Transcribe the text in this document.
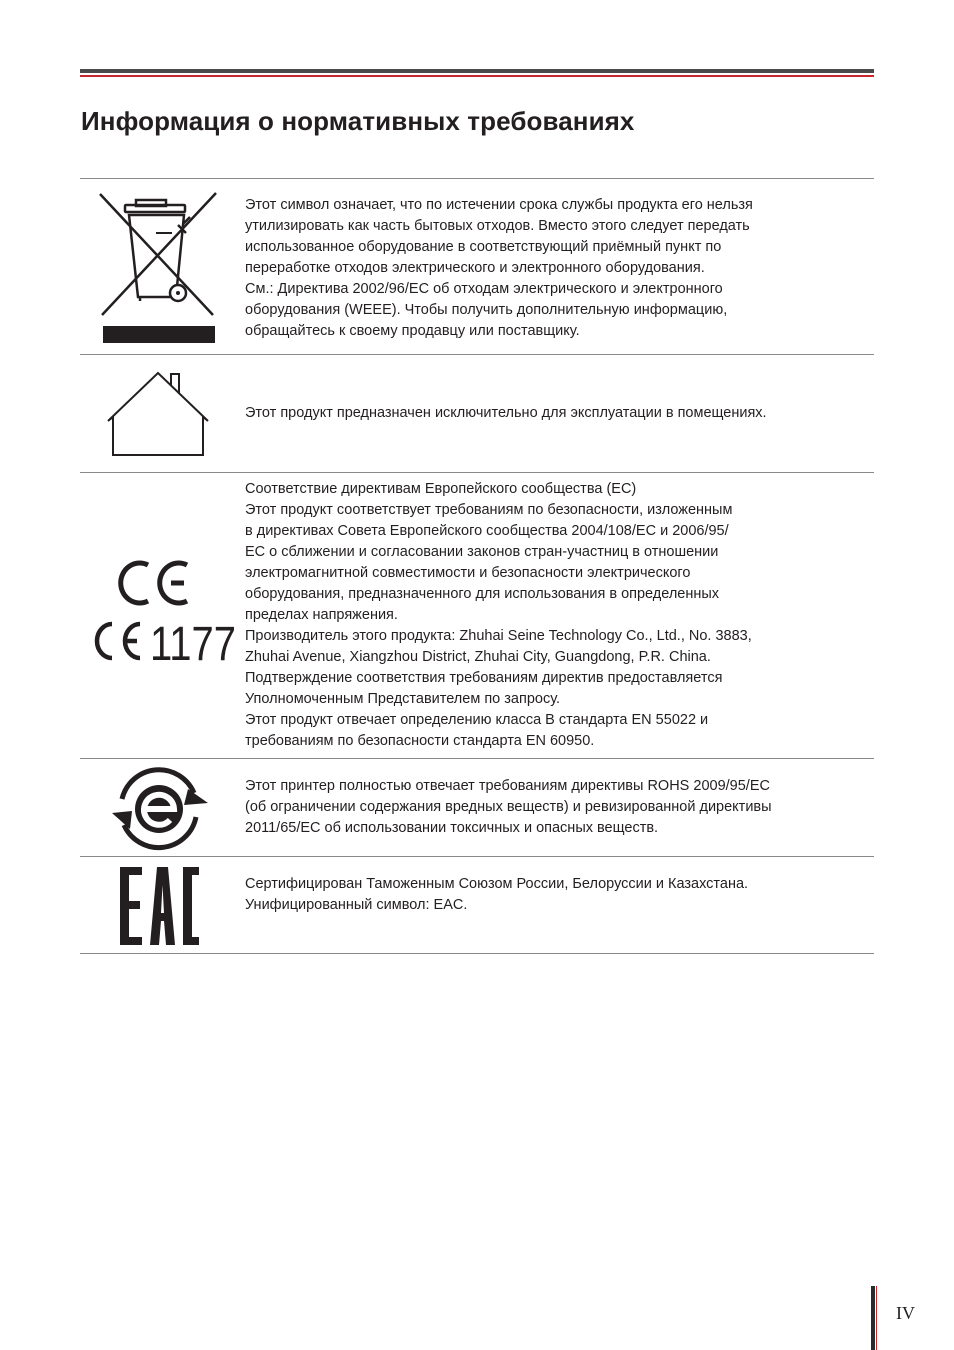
Информация о нормативных требованиях

Этот символ означает, что по истечении срока службы продукта его нельзя

утилизировать как часть бытовых отходов. Вместо этого следует передать

использованное оборудование в соответствующий приёмный пункт по

переработке отходов электрического и электронного оборудования.

См.: Директива 2002/96/EC об отходам электрического и электронного

оборудования (WEEE). Чтобы получить дополнительную информацию,

обращайтесь к своему продавцу или поставщику.

Этот продукт предназначен исключительно для эксплуатации в помещениях.

1177

Соответствие директивам Европейского сообщества (ЕС)

Этот продукт соответствует требованиям по безопасности, изложенным

в директивах Совета Европейского сообщества 2004/108/EC и 2006/95/

EC о сближении и согласовании законов стран-участниц в отношении

электромагнитной совместимости и безопасности электрического

оборудования, предназначенного для использования в определенных

пределах напряжения.

Производитель этого продукта: Zhuhai Seine Technology Co., Ltd., No. 3883,

Zhuhai Avenue, Xiangzhou District, Zhuhai City, Guangdong, P.R. China.

Подтверждение соответствия требованиям директив предоставляется

Уполномоченным Представителем по запросу.

Этот продукт отвечает определению класса B стандарта EN 55022 и

требованиям по безопасности стандарта EN 60950.

Этот принтер полностью отвечает требованиям директивы ROHS 2009/95/EC

(об ограничении содержания вредных веществ) и ревизированной директивы

2011/65/EC об использовании токсичных и опасных веществ.

Сертифицирован Таможенным Союзом России, Белоруссии и Казахстана.

Унифицированный символ: EAC.

IV
